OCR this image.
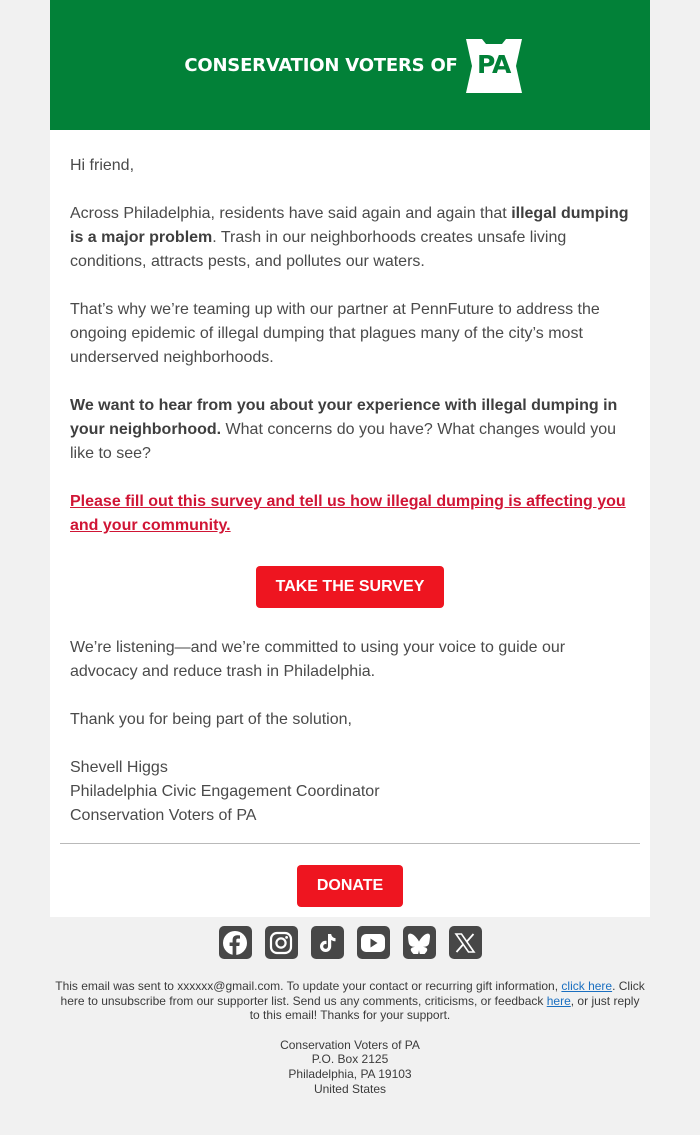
CONSERVATION VOTERS OF PA

Hi friend,

Across Philadelphia, residents have said again and again that illegal dumping is a major problem. Trash in our neighborhoods creates unsafe living conditions, attracts pests, and pollutes our waters.

That’s why we’re teaming up with our partner at PennFuture to address the ongoing epidemic of illegal dumping that plagues many of the city’s most underserved neighborhoods.

We want to hear from you about your experience with illegal dumping in your neighborhood. What concerns do you have? What changes would you like to see?

Please fill out this survey and tell us how illegal dumping is affecting you and your community.
TAKE THE SURVEY

We’re listening—and we’re committed to using your voice to guide our advocacy and reduce trash in Philadelphia.

Thank you for being part of the solution,

Shevell Higgs
Philadelphia Civic Engagement Coordinator
Conservation Voters of PA
DONATE
This email was sent to xxxxxx@gmail.com. To update your contact or recurring gift information, click here. Click here to unsubscribe from our supporter list. Send us any comments, criticisms, or feedback here, or just reply to this email! Thanks for your support.
Conservation Voters of PA
P.O. Box 2125
Philadelphia, PA 19103
United States
